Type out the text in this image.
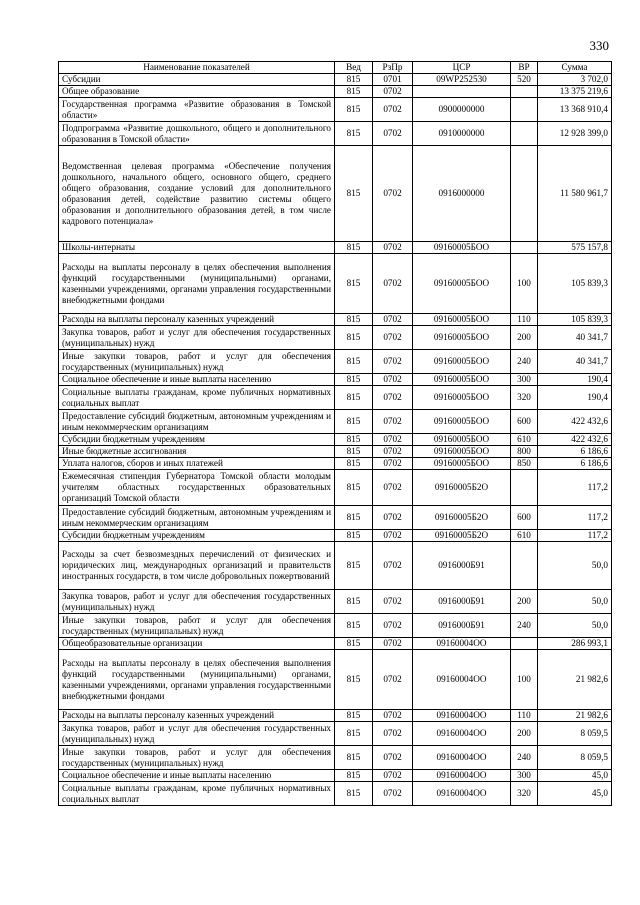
330
Наименование показателей	Вед	РзПр	ЦСР	ВР	Сумма
Субсидии	815	0701	09WP252530	520	3 702,0
Общее образование	815	0702			13 375 219,6
Государственная программа «Развитие образования в Томской области»	815	0702	0900000000		13 368 910,4
Подпрограмма «Развитие дошкольного, общего и дополнительного образования в Томской области»	815	0702	0910000000		12 928 399,0
Ведомственная целевая программа «Обеспечение получения дошкольного, начального общего, основного общего, среднего общего образования, создание условий для дополнительного образования детей, содействие развитию системы общего образования и дополнительного образования детей, в том числе кадрового потенциала»	815	0702	0916000000		11 580 961,7
Школы-интернаты	815	0702	09160005БОО		575 157,8
Расходы на выплаты персоналу в целях обеспечения выполнения функций государственными (муниципальными) органами, казенными учреждениями, органами управления государственными внебюджетными фондами	815	0702	09160005БОО	100	105 839,3
Расходы на выплаты персоналу казенных учреждений	815	0702	09160005БОО	110	105 839,3
Закупка товаров, работ и услуг для обеспечения государственных (муниципальных) нужд	815	0702	09160005БОО	200	40 341,7
Иные закупки товаров, работ и услуг для обеспечения государственных (муниципальных) нужд	815	0702	09160005БОО	240	40 341,7
Социальное обеспечение и иные выплаты населению	815	0702	09160005БОО	300	190,4
Социальные выплаты гражданам, кроме публичных нормативных социальных выплат	815	0702	09160005БОО	320	190,4
Предоставление субсидий бюджетным, автономным учреждениям и иным некоммерческим организациям	815	0702	09160005БОО	600	422 432,6
Субсидии бюджетным учреждениям	815	0702	09160005БОО	610	422 432,6
Иные бюджетные ассигнования	815	0702	09160005БОО	800	6 186,6
Уплата налогов, сборов и иных платежей	815	0702	09160005БОО	850	6 186,6
Ежемесячная стипендия Губернатора Томской области молодым учителям областных государственных образовательных организаций Томской области	815	0702	09160005Б2О		117,2
Предоставление субсидий бюджетным, автономным учреждениям и иным некоммерческим организациям	815	0702	09160005Б2О	600	117,2
Субсидии бюджетным учреждениям	815	0702	09160005Б2О	610	117,2
Расходы за счет безвозмездных перечислений от физических и юридических лиц, международных организаций и правительств иностранных государств, в том числе добровольных пожертвований	815	0702	0916000Б91		50,0
Закупка товаров, работ и услуг для обеспечения государственных (муниципальных) нужд	815	0702	0916000Б91	200	50,0
Иные закупки товаров, работ и услуг для обеспечения государственных (муниципальных) нужд	815	0702	0916000Б91	240	50,0
Общеобразовательные организации	815	0702	09160004ОО		286 993,1
Расходы на выплаты персоналу в целях обеспечения выполнения функций государственными (муниципальными) органами, казенными учреждениями, органами управления государственными внебюджетными фондами	815	0702	09160004ОО	100	21 982,6
Расходы на выплаты персоналу казенных учреждений	815	0702	09160004ОО	110	21 982,6
Закупка товаров, работ и услуг для обеспечения государственных (муниципальных) нужд	815	0702	09160004ОО	200	8 059,5
Иные закупки товаров, работ и услуг для обеспечения государственных (муниципальных) нужд	815	0702	09160004ОО	240	8 059,5
Социальное обеспечение и иные выплаты населению	815	0702	09160004ОО	300	45,0
Социальные выплаты гражданам, кроме публичных нормативных социальных выплат	815	0702	09160004ОО	320	45,0
